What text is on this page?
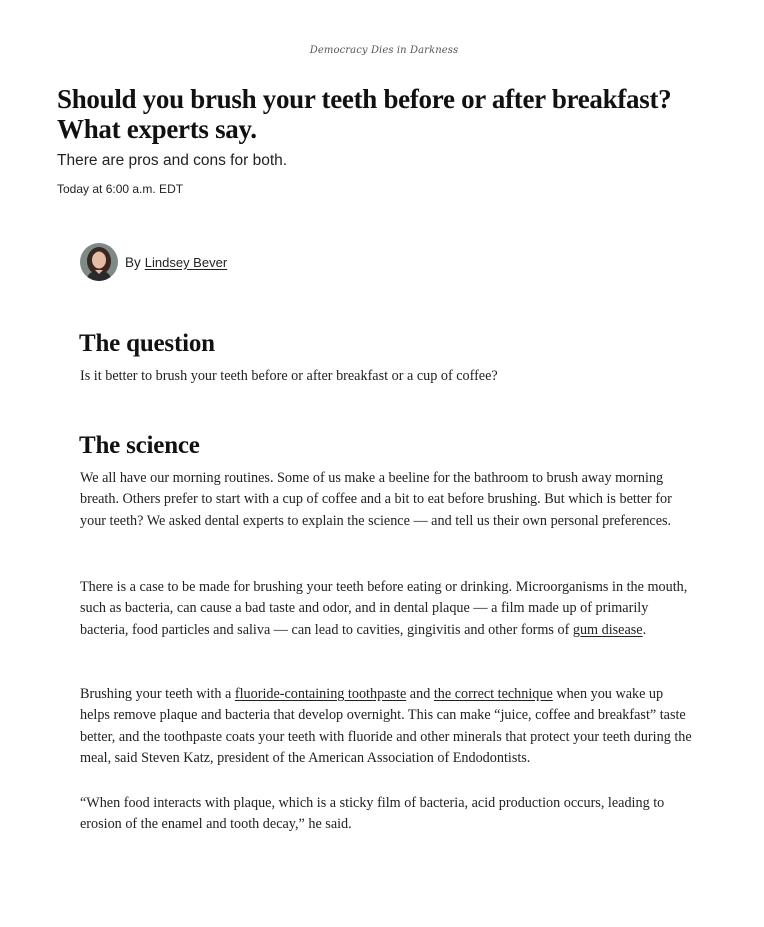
Democracy Dies in Darkness
Should you brush your teeth before or after breakfast? What experts say.
There are pros and cons for both.
Today at 6:00 a.m. EDT
By Lindsey Bever
The question

Is it better to brush your teeth before or after breakfast or a cup of coffee?

The science

We all have our morning routines. Some of us make a beeline for the bathroom to brush away morning breath. Others prefer to start with a cup of coffee and a bit to eat before brushing. But which is better for your teeth? We asked dental experts to explain the science — and tell us their own personal preferences.

There is a case to be made for brushing your teeth before eating or drinking. Microorganisms in the mouth, such as bacteria, can cause a bad taste and odor, and in dental plaque — a film made up of primarily bacteria, food particles and saliva — can lead to cavities, gingivitis and other forms of gum disease.

Brushing your teeth with a fluoride-containing toothpaste and the correct technique when you wake up helps remove plaque and bacteria that develop overnight. This can make “juice, coffee and breakfast” taste better, and the toothpaste coats your teeth with fluoride and other minerals that protect your teeth during the meal, said Steven Katz, president of the American Association of Endodontists.

“When food interacts with plaque, which is a sticky film of bacteria, acid production occurs, leading to erosion of the enamel and tooth decay,” he said.
